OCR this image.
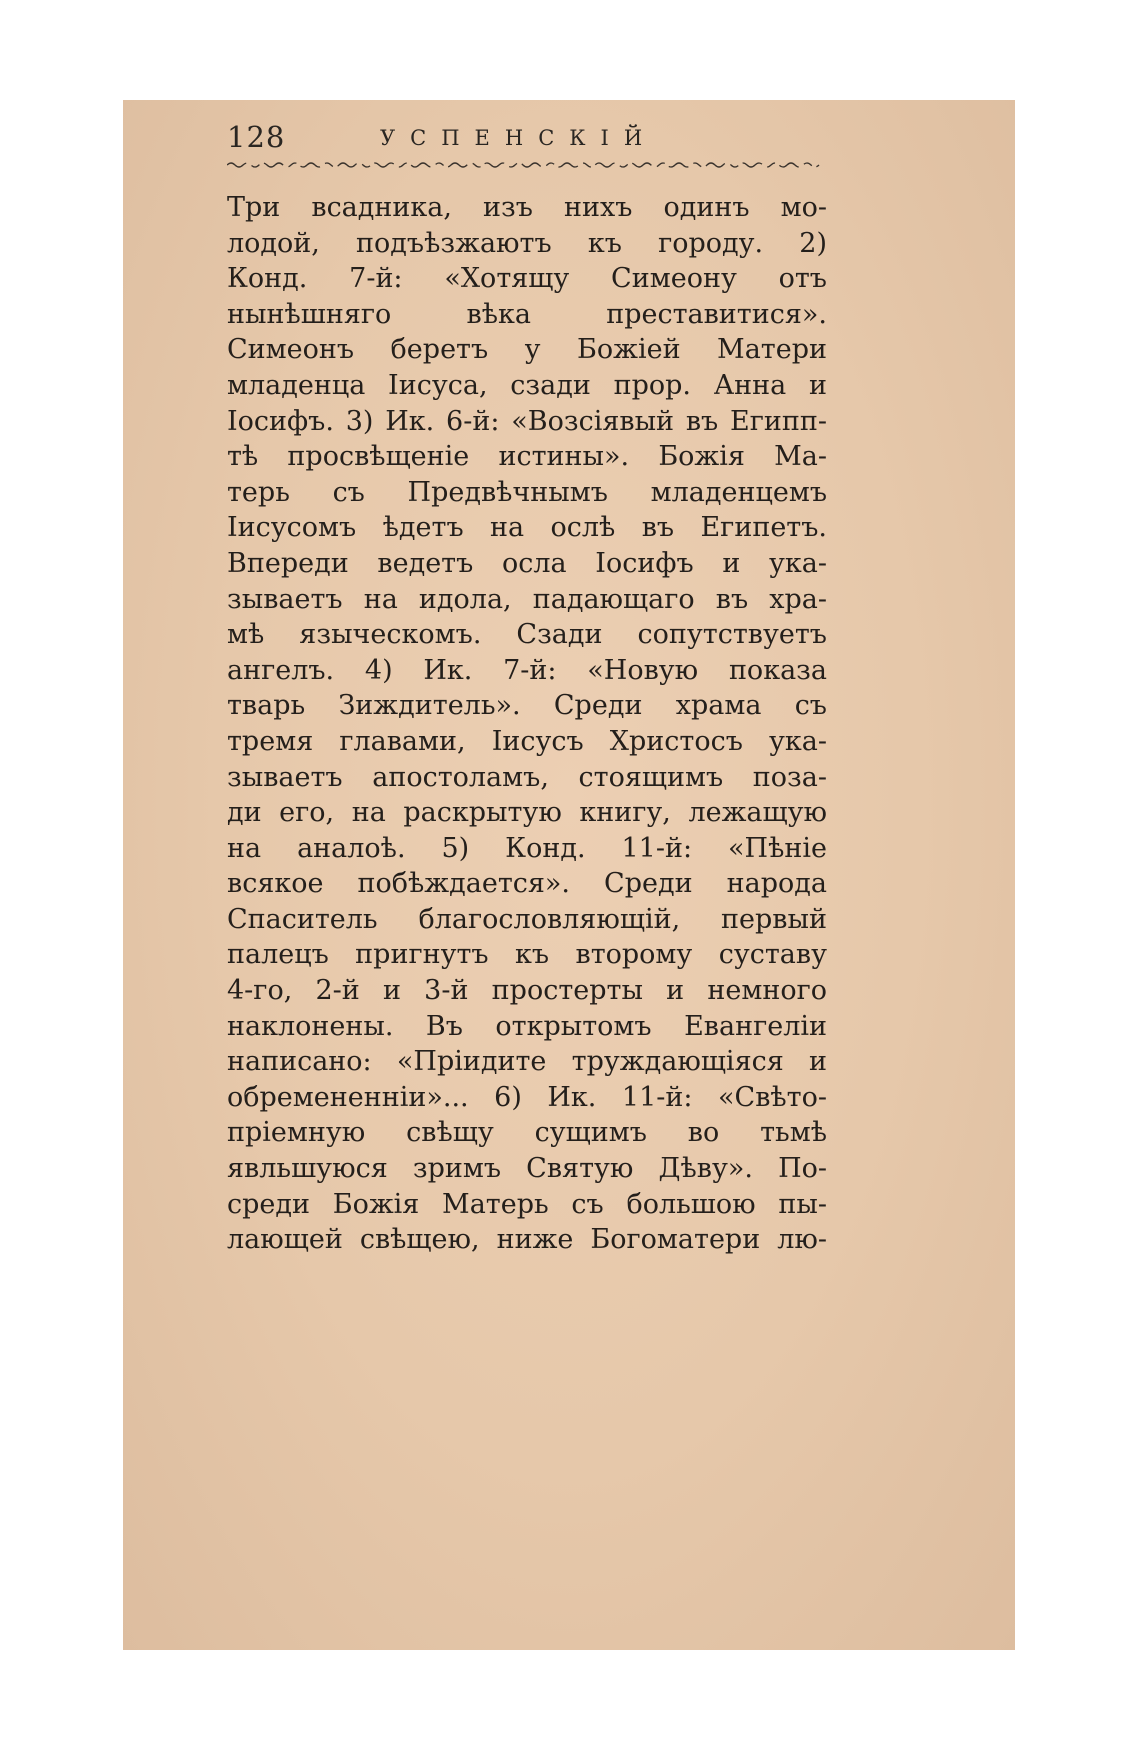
128	УСПЕНСКІЙ
Три всадника, изъ нихъ одинъ мо-
лодой, подъѣзжаютъ къ городу. 2)
Конд. 7-й: «Хотящу Симеону отъ
нынѣшняго вѣка преставитися».
Симеонъ беретъ у Божіей Матери
младенца Іисуса, сзади прор. Анна и
Іосифъ. 3) Ик. 6-й: «Возсіявый въ Египп-
тѣ просвѣщеніе истины». Божія Ма-
терь съ Предвѣчнымъ младенцемъ
Іисусомъ ѣдетъ на ослѣ въ Египетъ.
Впереди ведетъ осла Іосифъ и ука-
зываетъ на идола, падающаго въ хра-
мѣ языческомъ. Сзади сопутствуетъ
ангелъ. 4) Ик. 7-й: «Новую показа
тварь Зиждитель». Среди храма съ
тремя главами, Іисусъ Христосъ ука-
зываетъ апостоламъ, стоящимъ поза-
ди его, на раскрытую книгу, лежащую
на аналоѣ. 5) Конд. 11-й: «Пѣніе
всякое побѣждается». Среди народа
Спаситель благословляющій, первый
палецъ пригнутъ къ второму суставу
4-го, 2-й и 3-й простерты и немного
наклонены. Въ открытомъ Евангеліи
написано: «Пріидите труждающіяся и
обремененніи»... 6) Ик. 11-й: «Свѣто-
пріемную свѣщу сущимъ во тьмѣ
явльшуюся зримъ Святую Дѣву». По-
среди Божія Матерь съ большою пы-
лающей свѣщею, ниже Богоматери лю-
